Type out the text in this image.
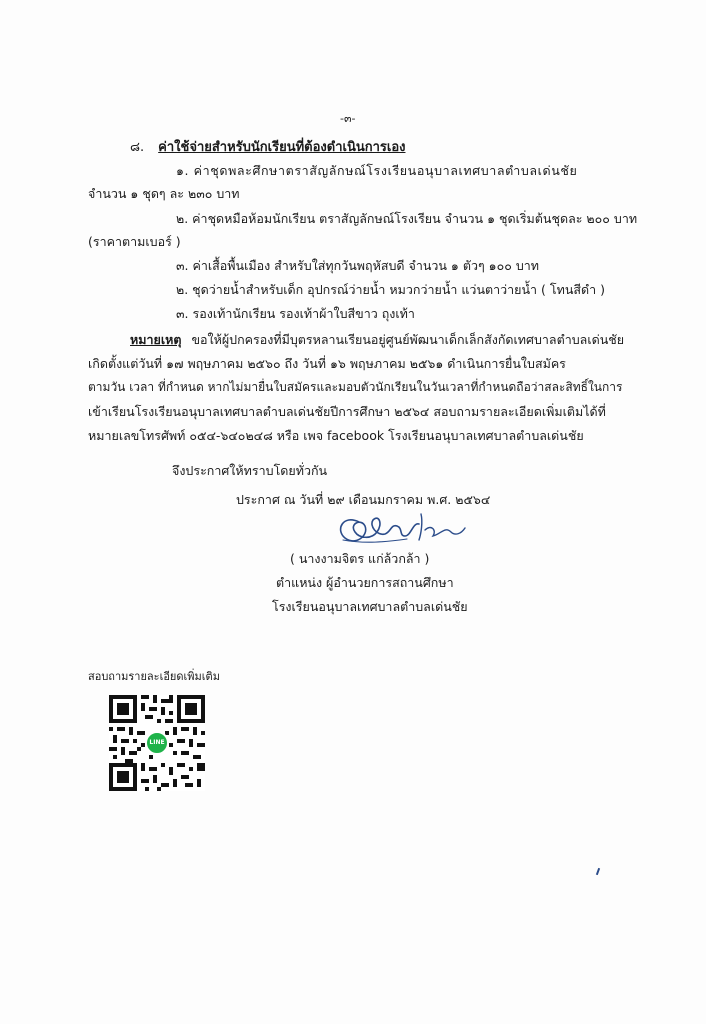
-๓-
๘. ค่าใช้จ่ายสำหรับนักเรียนที่ต้องดำเนินการเอง
๑. ค่าชุดพละศึกษาตราสัญลักษณ์โรงเรียนอนุบาลเทศบาลตำบลเด่นชัย
จำนวน ๑ ชุดๆ ละ ๒๓๐ บาท
๒. ค่าชุดหมือห้อมนักเรียน ตราสัญลักษณ์โรงเรียน จำนวน ๑ ชุดเริ่มต้นชุดละ ๒๐๐ บาท
(ราคาตามเบอร์ )
๓. ค่าเสื้อพื้นเมือง สำหรับใส่ทุกวันพฤหัสบดี จำนวน ๑ ตัวๆ ๑๐๐ บาท
๒. ชุดว่ายน้ำสำหรับเด็ก อุปกรณ์ว่ายน้ำ หมวกว่ายน้ำ แว่นตาว่ายน้ำ ( โทนสีดำ )
๓. รองเท้านักเรียน รองเท้าผ้าใบสีขาว ถุงเท้า
หมายเหตุ ขอให้ผู้ปกครองที่มีบุตรหลานเรียนอยู่ศูนย์พัฒนาเด็กเล็กสังกัดเทศบาลตำบลเด่นชัย
เกิดตั้งแต่วันที่ ๑๗ พฤษภาคม ๒๕๖๐ ถึง วันที่ ๑๖ พฤษภาคม ๒๕๖๑ ดำเนินการยื่นใบสมัคร
ตามวัน เวลา ที่กำหนด หากไม่มายื่นใบสมัครและมอบตัวนักเรียนในวันเวลาที่กำหนดถือว่าสละสิทธิ์ในการ
เข้าเรียนโรงเรียนอนุบาลเทศบาลตำบลเด่นชัยปีการศึกษา ๒๕๖๔ สอบถามรายละเอียดเพิ่มเติมได้ที่
หมายเลขโทรศัพท์ ๐๕๔-๖๔๐๒๔๘ หรือ เพจ facebook โรงเรียนอนุบาลเทศบาลตำบลเด่นชัย
จึงประกาศให้ทราบโดยทั่วกัน
ประกาศ ณ วันที่ ๒๙ เดือนมกราคม พ.ศ. ๒๕๖๔
( นางงามจิตร แก่ล้วกล้า )
ตำแหน่ง ผู้อำนวยการสถานศึกษา
โรงเรียนอนุบาลเทศบาลตำบลเด่นชัย
สอบถามรายละเอียดเพิ่มเติม
LINE
